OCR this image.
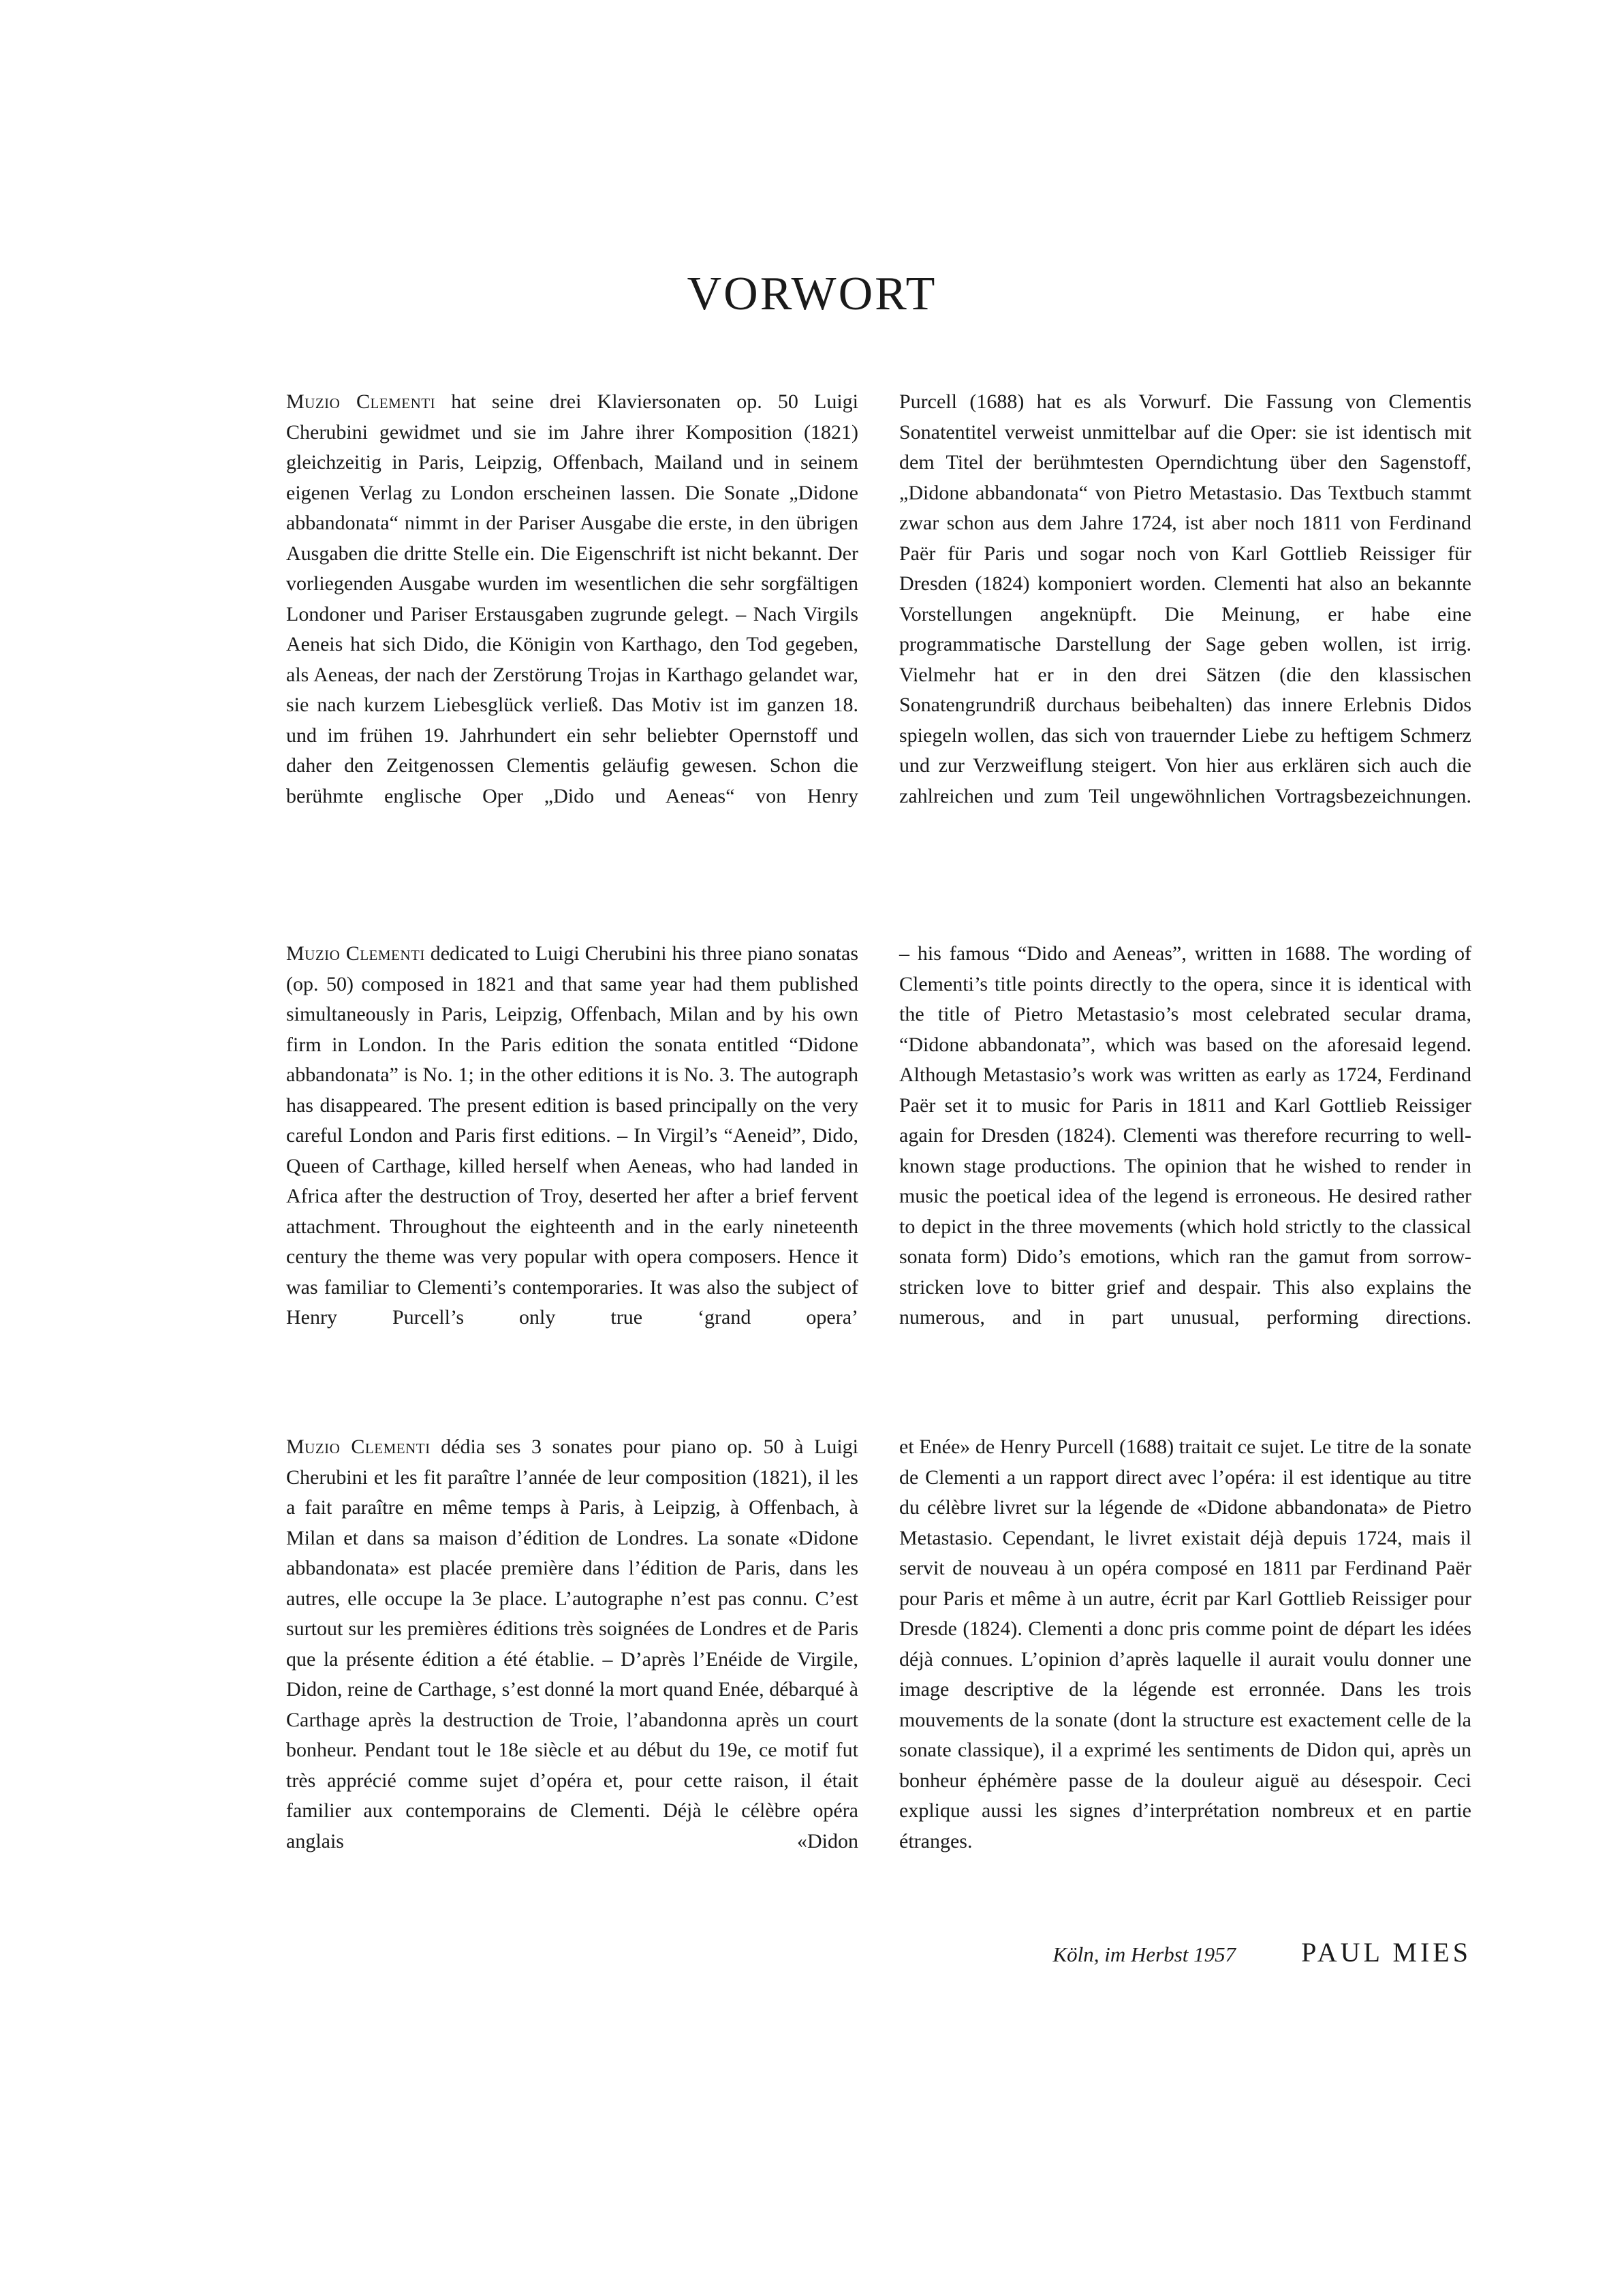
VORWORT

Muzio Clementi hat seine drei Klaviersonaten op. 50 Luigi Cherubini gewidmet und sie im Jahre ihrer Komposition (1821) gleichzeitig in Paris, Leipzig, Offenbach, Mailand und in seinem eigenen Verlag zu London erscheinen lassen. Die Sonate „Didone abbandonata“ nimmt in der Pariser Ausgabe die erste, in den übrigen Ausgaben die dritte Stelle ein. Die Eigenschrift ist nicht bekannt. Der vorliegenden Ausgabe wurden im wesentlichen die sehr sorgfältigen Londoner und Pariser Erstausgaben zugrunde gelegt. – Nach Virgils Aeneis hat sich Dido, die Königin von Karthago, den Tod gegeben, als Aeneas, der nach der Zerstörung Trojas in Karthago gelandet war, sie nach kurzem Liebesglück verließ. Das Motiv ist im ganzen 18. und im frühen 19. Jahrhundert ein sehr beliebter Opernstoff und daher den Zeitgenossen Clementis geläufig gewesen. Schon die berühmte englische Oper „Dido und Aeneas“ von Henry

Purcell (1688) hat es als Vorwurf. Die Fassung von Clementis Sonatentitel verweist unmittelbar auf die Oper: sie ist identisch mit dem Titel der berühmtesten Operndichtung über den Sagenstoff, „Didone abbandonata“ von Pietro Metastasio. Das Textbuch stammt zwar schon aus dem Jahre 1724, ist aber noch 1811 von Ferdinand Paër für Paris und sogar noch von Karl Gottlieb Reissiger für Dresden (1824) komponiert worden. Clementi hat also an bekannte Vorstellungen angeknüpft. Die Meinung, er habe eine programmatische Darstellung der Sage geben wollen, ist irrig. Vielmehr hat er in den drei Sätzen (die den klassischen Sonatengrundriß durchaus beibehalten) das innere Erlebnis Didos spiegeln wollen, das sich von trauernder Liebe zu heftigem Schmerz und zur Verzweiflung steigert. Von hier aus erklären sich auch die zahlreichen und zum Teil ungewöhnlichen Vortragsbezeichnungen.

Muzio Clementi dedicated to Luigi Cherubini his three piano sonatas (op. 50) composed in 1821 and that same year had them published simultaneously in Paris, Leipzig, Offenbach, Milan and by his own firm in London. In the Paris edition the sonata entitled “Didone abbandonata” is No. 1; in the other editions it is No. 3. The autograph has disappeared. The present edition is based principally on the very careful London and Paris first editions. – In Virgil’s “Aeneid”, Dido, Queen of Carthage, killed herself when Aeneas, who had landed in Africa after the destruction of Troy, deserted her after a brief fervent attachment. Throughout the eighteenth and in the early nineteenth century the theme was very popular with opera composers. Hence it was familiar to Clementi’s contemporaries. It was also the subject of Henry Purcell’s only true ‘grand opera’

– his famous “Dido and Aeneas”, written in 1688. The wording of Clementi’s title points directly to the opera, since it is identical with the title of Pietro Metastasio’s most celebrated secular drama, “Didone abbandonata”, which was based on the aforesaid legend. Although Metastasio’s work was written as early as 1724, Ferdinand Paër set it to music for Paris in 1811 and Karl Gottlieb Reissiger again for Dresden (1824). Clementi was therefore recurring to well-known stage productions. The opinion that he wished to render in music the poetical idea of the legend is erroneous. He desired rather to depict in the three movements (which hold strictly to the classical sonata form) Dido’s emotions, which ran the gamut from sorrow-stricken love to bitter grief and despair. This also explains the numerous, and in part unusual, performing directions.

Muzio Clementi dédia ses 3 sonates pour piano op. 50 à Luigi Cherubini et les fit paraître l’année de leur composition (1821), il les a fait paraître en même temps à Paris, à Leipzig, à Offenbach, à Milan et dans sa maison d’édition de Londres. La sonate «Didone abbandonata» est placée première dans l’édition de Paris, dans les autres, elle occupe la 3e place. L’autographe n’est pas connu. C’est surtout sur les premières éditions très soignées de Londres et de Paris que la présente édition a été établie. – D’après l’Enéide de Virgile, Didon, reine de Carthage, s’est donné la mort quand Enée, débarqué à Carthage après la destruction de Troie, l’abandonna après un court bonheur. Pendant tout le 18e siècle et au début du 19e, ce motif fut très apprécié comme sujet d’opéra et, pour cette raison, il était familier aux contemporains de Clementi. Déjà le célèbre opéra anglais «Didon

et Enée» de Henry Purcell (1688) traitait ce sujet. Le titre de la sonate de Clementi a un rapport direct avec l’opéra: il est identique au titre du célèbre livret sur la légende de «Didone abbandonata» de Pietro Metastasio. Cependant, le livret existait déjà depuis 1724, mais il servit de nouveau à un opéra composé en 1811 par Ferdinand Paër pour Paris et même à un autre, écrit par Karl Gottlieb Reissiger pour Dresde (1824). Clementi a donc pris comme point de départ les idées déjà connues. L’opinion d’après laquelle il aurait voulu donner une image descriptive de la légende est erronnée. Dans les trois mouvements de la sonate (dont la structure est exactement celle de la sonate classique), il a exprimé les sentiments de Didon qui, après un bonheur éphémère passe de la douleur aiguë au désespoir. Ceci explique aussi les signes d’interprétation nombreux et en partie étranges.

Köln, im Herbst 1957 PAUL MIES
